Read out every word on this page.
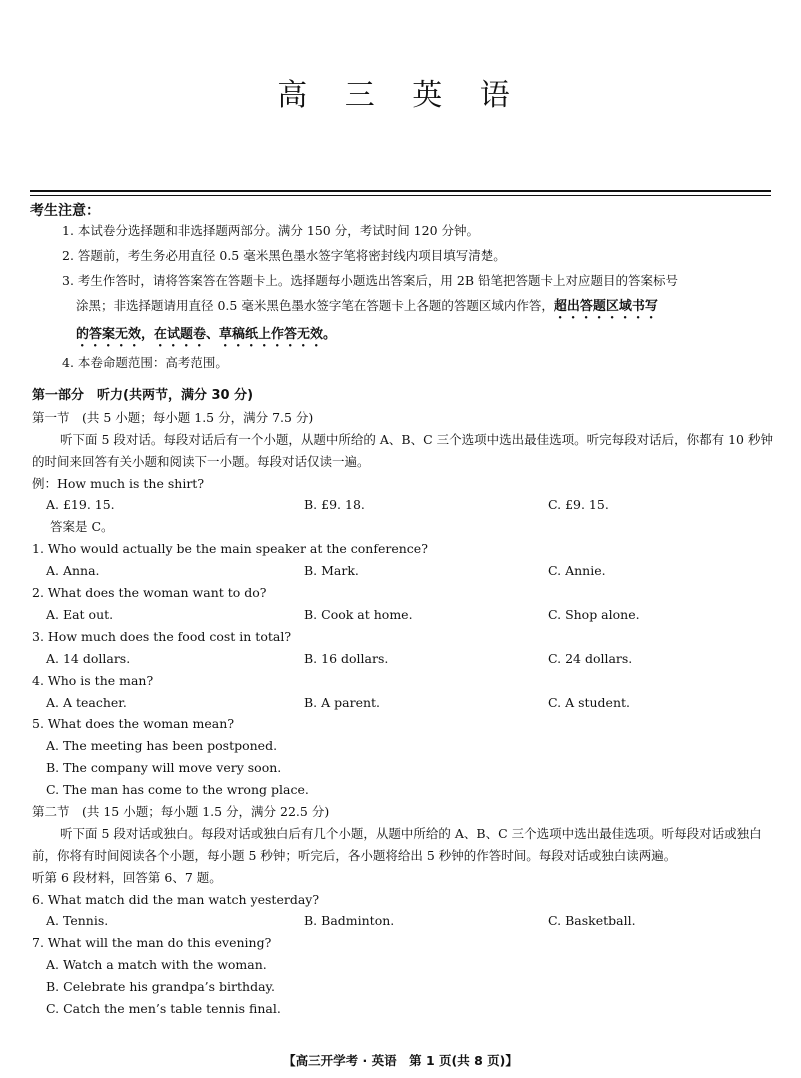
高 三 英 语
考生注意：
1. 本试卷分选择题和非选择题两部分。满分 150 分，考试时间 120 分钟。
2. 答题前，考生务必用直径 0.5 毫米黑色墨水签字笔将密封线内项目填写清楚。
3. 考生作答时，请将答案答在答题卡上。选择题每小题选出答案后，用 2B 铅笔把答题卡上对应题目的答案标号
涂黑；非选择题请用直径 0.5 毫米黑色墨水签字笔在答题卡上各题的答题区域内作答，超出答题区域书写
的答案无效，在试题卷、草稿纸上作答无效。
4. 本卷命题范围：高考范围。
第一部分　听力(共两节，满分 30 分)
第一节　(共 5 小题；每小题 1.5 分，满分 7.5 分)
听下面 5 段对话。每段对话后有一个小题，从题中所给的 A、B、C 三个选项中选出最佳选项。听完每段对话后，你都有 10 秒钟的时间来回答有关小题和阅读下一小题。每段对话仅读一遍。
例：How much is the shirt?
A. £19. 15.	B. £9. 18.	C. £9. 15.
答案是 C。
1. Who would actually be the main speaker at the conference?
A. Anna.	B. Mark.	C. Annie.
2. What does the woman want to do?
A. Eat out.	B. Cook at home.	C. Shop alone.
3. How much does the food cost in total?
A. 14 dollars.	B. 16 dollars.	C. 24 dollars.
4. Who is the man?
A. A teacher.	B. A parent.	C. A student.
5. What does the woman mean?
A. The meeting has been postponed.
B. The company will move very soon.
C. The man has come to the wrong place.
第二节　(共 15 小题；每小题 1.5 分，满分 22.5 分)
听下面 5 段对话或独白。每段对话或独白后有几个小题，从题中所给的 A、B、C 三个选项中选出最佳选项。听每段对话或独白前，你将有时间阅读各个小题，每小题 5 秒钟；听完后，各小题将给出 5 秒钟的作答时间。每段对话或独白读两遍。
听第 6 段材料，回答第 6、7 题。
6. What match did the man watch yesterday?
A. Tennis.	B. Badminton.	C. Basketball.
7. What will the man do this evening?
A. Watch a match with the woman.
B. Celebrate his grandpa’s birthday.
C. Catch the men’s table tennis final.
【高三开学考 · 英语　第 1 页(共 8 页)】
